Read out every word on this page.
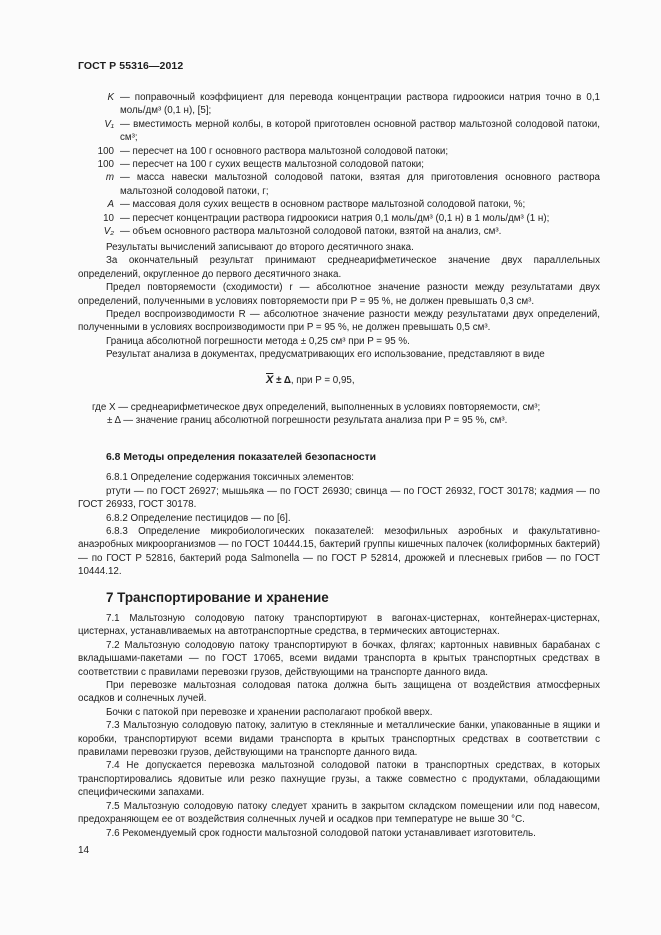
ГОСТ Р 55316—2012
K — поправочный коэффициент для перевода концентрации раствора гидроокиси натрия точно в 0,1 моль/дм³ (0,1 н), [5];
V₁ — вместимость мерной колбы, в которой приготовлен основной раствор мальтозной солодовой патоки, см³;
100 — пересчет на 100 г основного раствора мальтозной солодовой патоки;
100 — пересчет на 100 г сухих веществ мальтозной солодовой патоки;
m — масса навески мальтозной солодовой патоки, взятая для приготовления основного раствора мальтозной солодовой патоки, г;
A — массовая доля сухих веществ в основном растворе мальтозной солодовой патоки, %;
10 — пересчет концентрации раствора гидроокиси натрия 0,1 моль/дм³ (0,1 н) в 1 моль/дм³ (1 н);
V₂ — объем основного раствора мальтозной солодовой патоки, взятой на анализ, см³.

Результаты вычислений записывают до второго десятичного знака.

За окончательный результат принимают среднеарифметическое значение двух параллельных определений, округленное до первого десятичного знака.

Предел повторяемости (сходимости) r — абсолютное значение разности между результатами двух определений, полученными в условиях повторяемости при P = 95 %, не должен превышать 0,3 см³.

Предел воспроизводимости R — абсолютное значение разности между результатами двух определений, полученными в условиях воспроизводимости при P = 95 %, не должен превышать 0,5 см³.

Граница абсолютной погрешности метода ± 0,25 см³ при P = 95 %.

Результат анализа в документах, предусматривающих его использование, представляют в виде

$\overline{X} \pm \Delta$, при P = 0,95,

где X — среднеарифметическое двух определений, выполненных в условиях повторяемости, см³;

± Δ — значение границ абсолютной погрешности результата анализа при P = 95 %, см³.

6.8 Методы определения показателей безопасности

6.8.1 Определение содержания токсичных элементов:

ртути — по ГОСТ 26927; мышьяка — по ГОСТ 26930; свинца — по ГОСТ 26932, ГОСТ 30178; кадмия — по ГОСТ 26933, ГОСТ 30178.

6.8.2 Определение пестицидов — по [6].

6.8.3 Определение микробиологических показателей: мезофильных аэробных и факультативно-анаэробных микроорганизмов — по ГОСТ 10444.15, бактерий группы кишечных палочек (колиформных бактерий) — по ГОСТ Р 52816, бактерий рода Salmonella — по ГОСТ Р 52814, дрожжей и плесневых грибов — по ГОСТ 10444.12.

7 Транспортирование и хранение

7.1 Мальтозную солодовую патоку транспортируют в вагонах-цистернах, контейнерах-цистернах, цистернах, устанавливаемых на автотранспортные средства, в термических автоцистернах.

7.2 Мальтозную солодовую патоку транспортируют в бочках, флягах; картонных навивных барабанах с вкладышами-пакетами — по ГОСТ 17065, всеми видами транспорта в крытых транспортных средствах в соответствии с правилами перевозки грузов, действующими на транспорте данного вида.

При перевозке мальтозная солодовая патока должна быть защищена от воздействия атмосферных осадков и солнечных лучей.

Бочки с патокой при перевозке и хранении располагают пробкой вверх.

7.3 Мальтозную солодовую патоку, залитую в стеклянные и металлические банки, упакованные в ящики и коробки, транспортируют всеми видами транспорта в крытых транспортных средствах в соответствии с правилами перевозки грузов, действующими на транспорте данного вида.

7.4 Не допускается перевозка мальтозной солодовой патоки в транспортных средствах, в которых транспортировались ядовитые или резко пахнущие грузы, а также совместно с продуктами, обладающими специфическими запахами.

7.5 Мальтозную солодовую патоку следует хранить в закрытом складском помещении или под навесом, предохраняющем ее от воздействия солнечных лучей и осадков при температуре не выше 30 °С.

7.6 Рекомендуемый срок годности мальтозной солодовой патоки устанавливает изготовитель.

14
